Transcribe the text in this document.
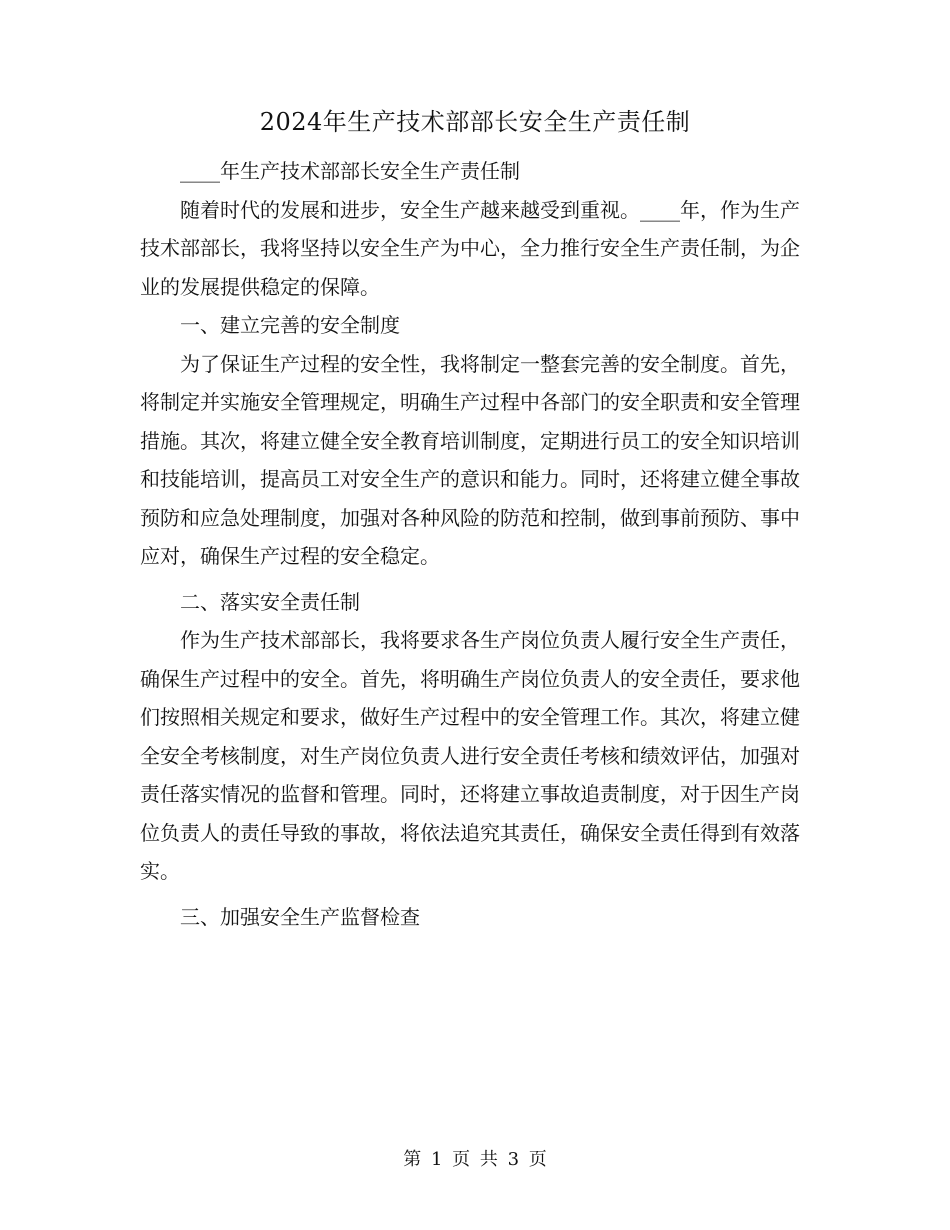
2024年生产技术部部长安全生产责任制

____年生产技术部部长安全生产责任制

随着时代的发展和进步，安全生产越来越受到重视。____年，作为生产技术部部长，我将坚持以安全生产为中心，全力推行安全生产责任制，为企业的发展提供稳定的保障。

一、建立完善的安全制度

为了保证生产过程的安全性，我将制定一整套完善的安全制度。首先，将制定并实施安全管理规定，明确生产过程中各部门的安全职责和安全管理措施。其次，将建立健全安全教育培训制度，定期进行员工的安全知识培训和技能培训，提高员工对安全生产的意识和能力。同时，还将建立健全事故预防和应急处理制度，加强对各种风险的防范和控制，做到事前预防、事中应对，确保生产过程的安全稳定。

二、落实安全责任制

作为生产技术部部长，我将要求各生产岗位负责人履行安全生产责任，确保生产过程中的安全。首先，将明确生产岗位负责人的安全责任，要求他们按照相关规定和要求，做好生产过程中的安全管理工作。其次，将建立健全安全考核制度，对生产岗位负责人进行安全责任考核和绩效评估，加强对责任落实情况的监督和管理。同时，还将建立事故追责制度，对于因生产岗位负责人的责任导致的事故，将依法追究其责任，确保安全责任得到有效落实。

三、加强安全生产监督检查

第 1 页 共 3 页
